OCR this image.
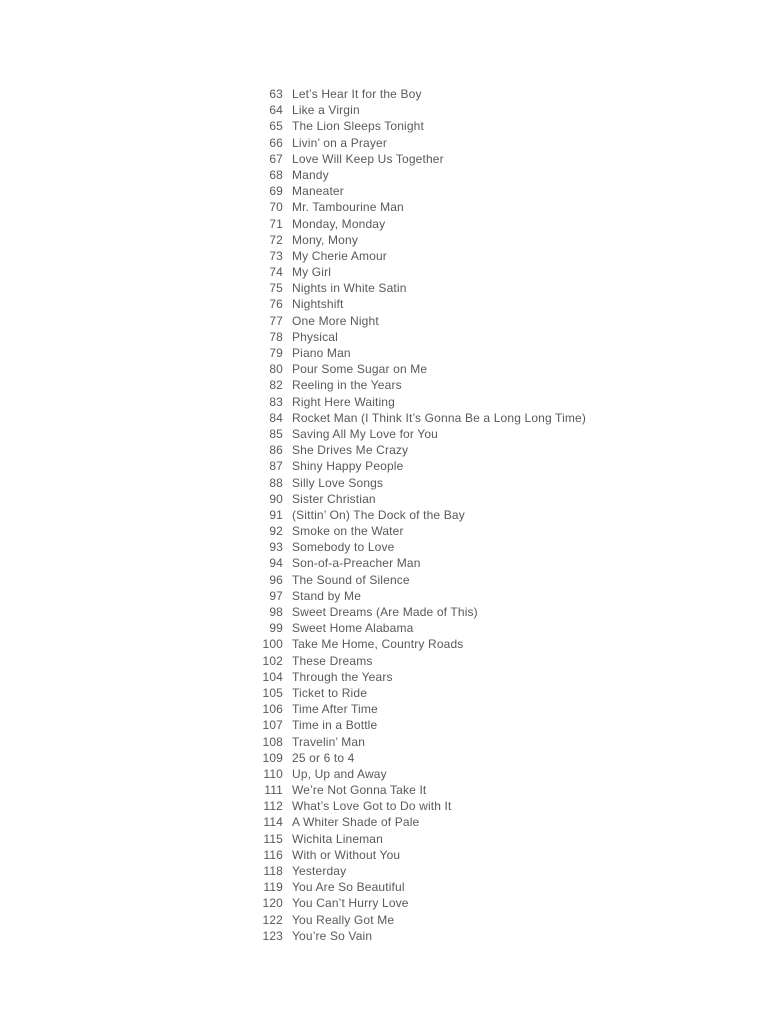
63 Let’s Hear It for the Boy
64 Like a Virgin
65 The Lion Sleeps Tonight
66 Livin’ on a Prayer
67 Love Will Keep Us Together
68 Mandy
69 Maneater
70 Mr. Tambourine Man
71 Monday, Monday
72 Mony, Mony
73 My Cherie Amour
74 My Girl
75 Nights in White Satin
76 Nightshift
77 One More Night
78 Physical
79 Piano Man
80 Pour Some Sugar on Me
82 Reeling in the Years
83 Right Here Waiting
84 Rocket Man (I Think It’s Gonna Be a Long Long Time)
85 Saving All My Love for You
86 She Drives Me Crazy
87 Shiny Happy People
88 Silly Love Songs
90 Sister Christian
91 (Sittin’ On) The Dock of the Bay
92 Smoke on the Water
93 Somebody to Love
94 Son-of-a-Preacher Man
96 The Sound of Silence
97 Stand by Me
98 Sweet Dreams (Are Made of This)
99 Sweet Home Alabama
100 Take Me Home, Country Roads
102 These Dreams
104 Through the Years
105 Ticket to Ride
106 Time After Time
107 Time in a Bottle
108 Travelin’ Man
109 25 or 6 to 4
110 Up, Up and Away
111 We’re Not Gonna Take It
112 What’s Love Got to Do with It
114 A Whiter Shade of Pale
115 Wichita Lineman
116 With or Without You
118 Yesterday
119 You Are So Beautiful
120 You Can’t Hurry Love
122 You Really Got Me
123 You’re So Vain
